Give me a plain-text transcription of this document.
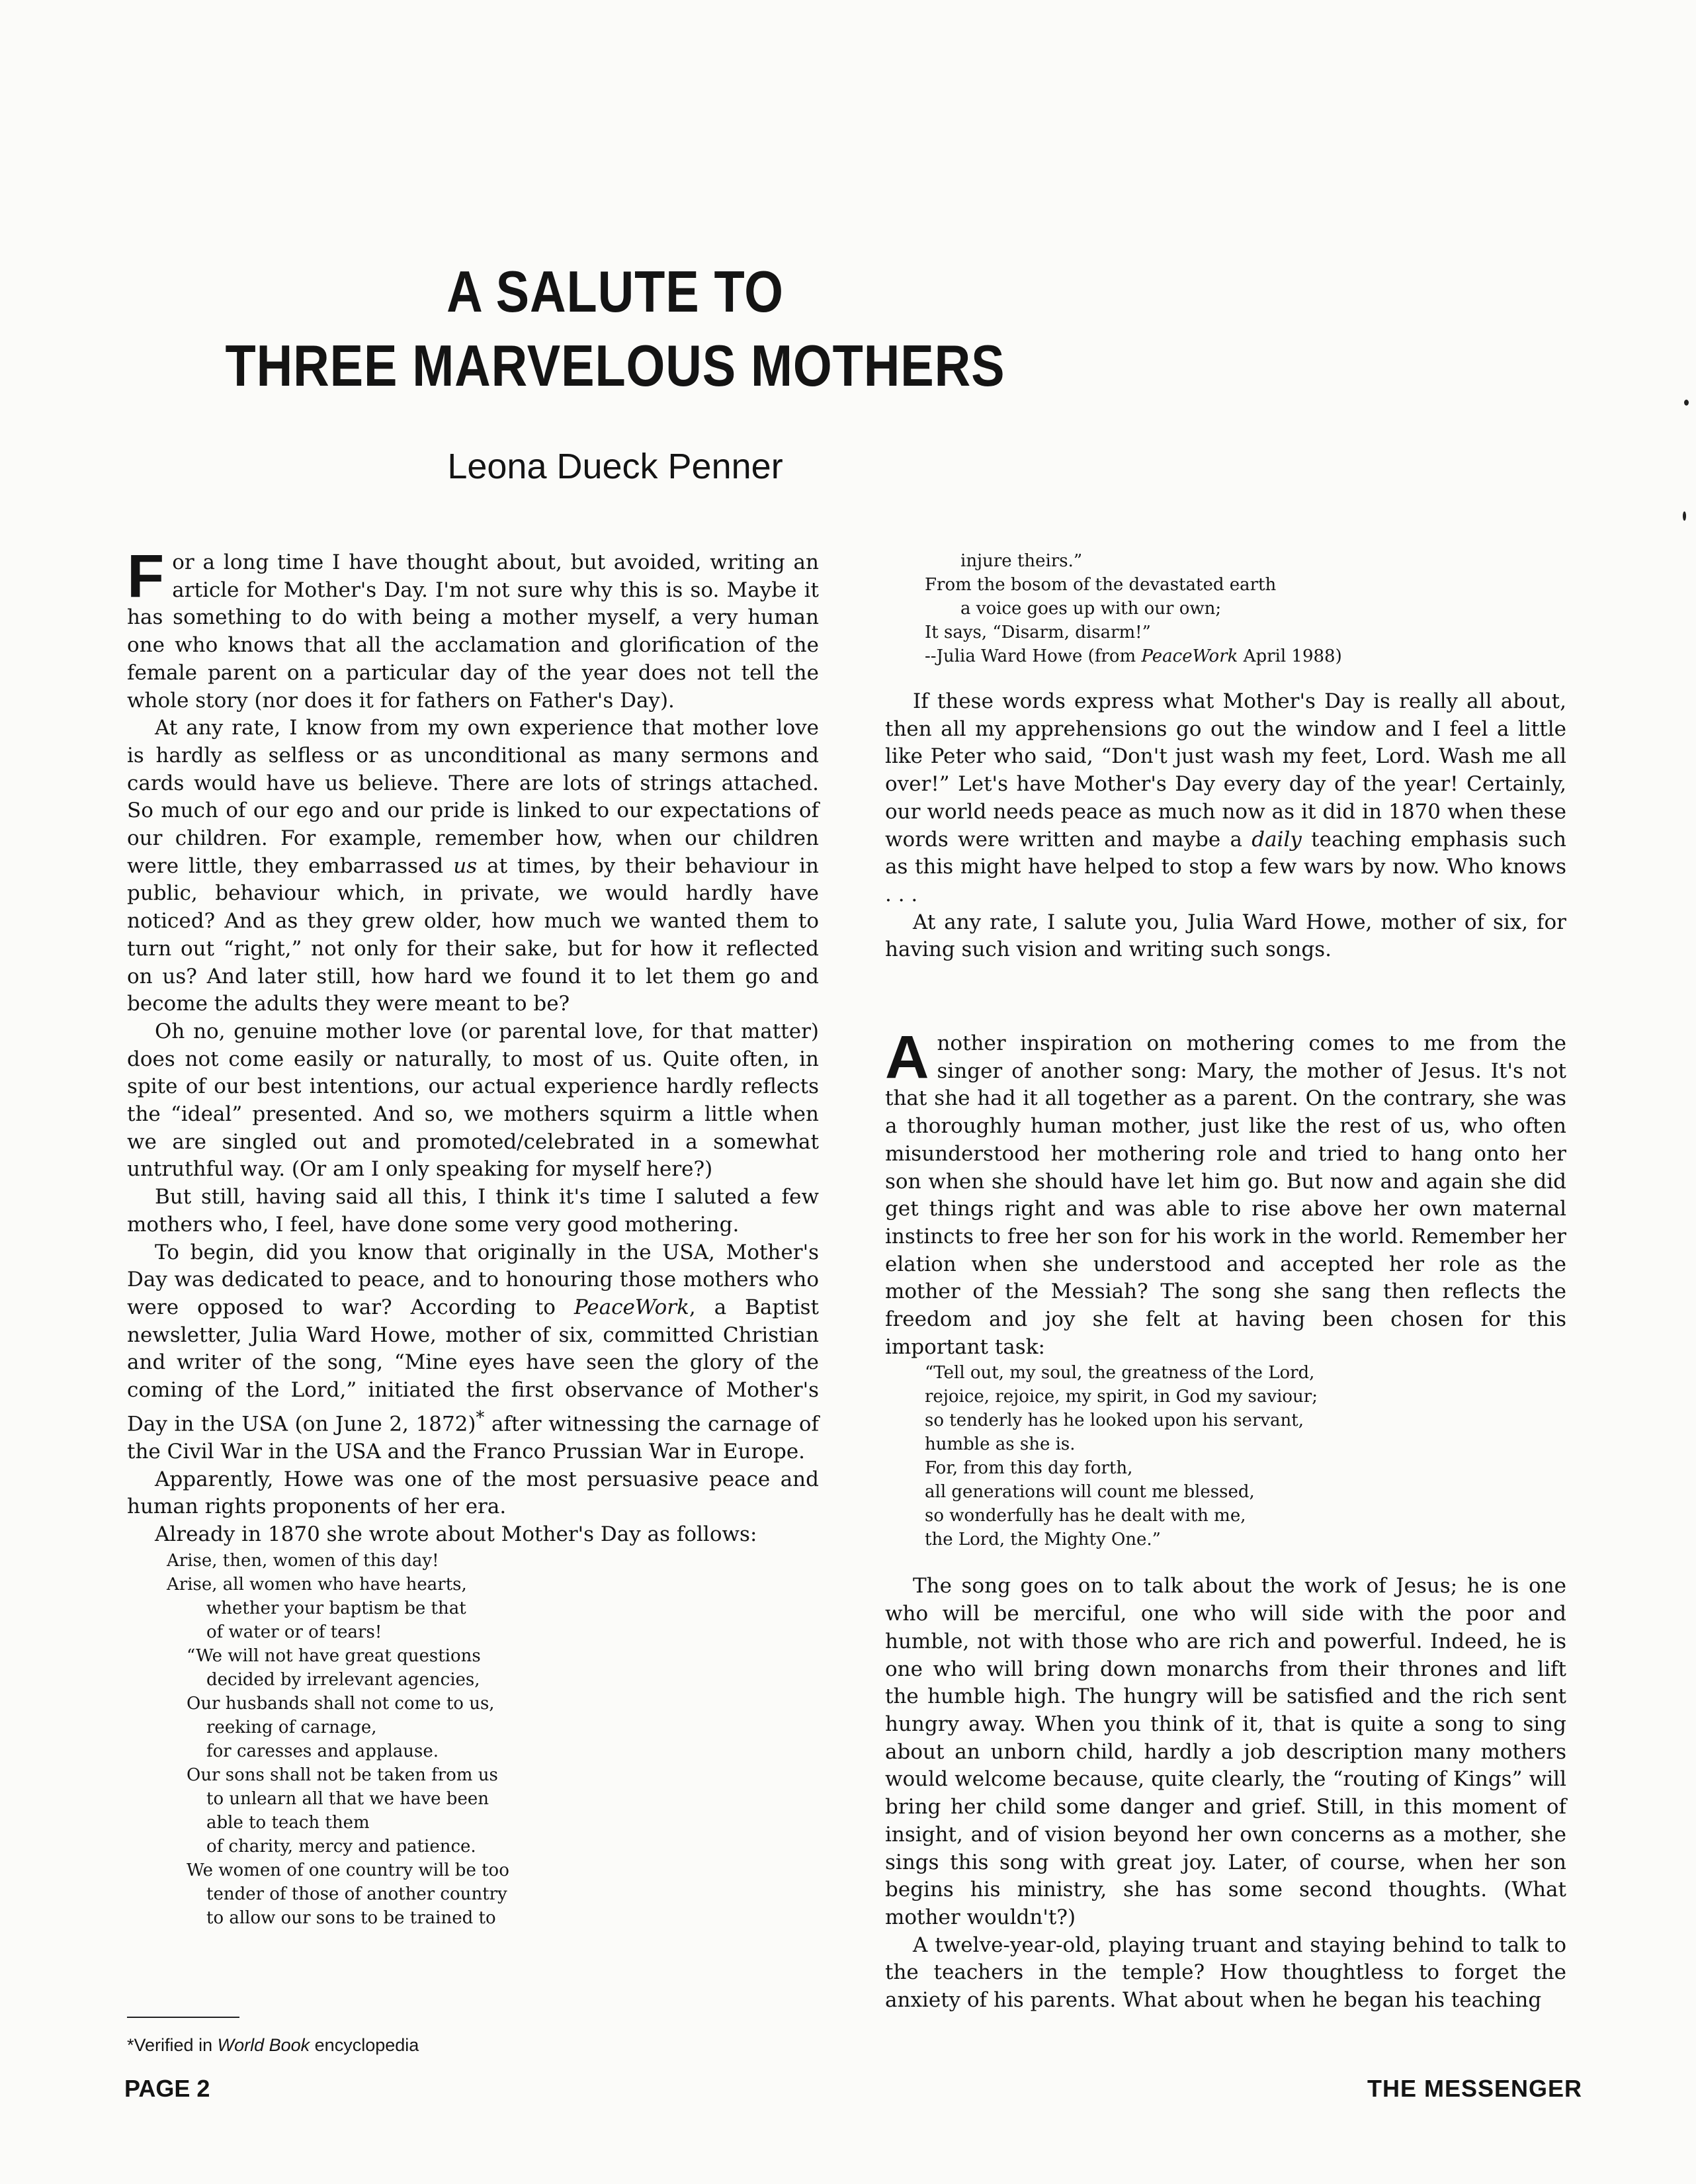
A SALUTE TO
THREE MARVELOUS MOTHERS
Leona Dueck Penner

For a long time I have thought about, but avoided, writing an article for Mother's Day. I'm not sure why this is so. Maybe it has something to do with being a mother myself, a very human one who knows that all the acclamation and glorification of the female parent on a particular day of the year does not tell the whole story (nor does it for fathers on Father's Day).

At any rate, I know from my own experience that mother love is hardly as selfless or as unconditional as many sermons and cards would have us believe. There are lots of strings attached. So much of our ego and our pride is linked to our expectations of our children. For example, remember how, when our children were little, they embarrassed us at times, by their behaviour in public, behaviour which, in private, we would hardly have noticed? And as they grew older, how much we wanted them to turn out “right,” not only for their sake, but for how it reflected on us? And later still, how hard we found it to let them go and become the adults they were meant to be?

Oh no, genuine mother love (or parental love, for that matter) does not come easily or naturally, to most of us. Quite often, in spite of our best intentions, our actual experience hardly reflects the “ideal” presented. And so, we mothers squirm a little when we are singled out and promoted/celebrated in a somewhat untruthful way. (Or am I only speaking for myself here?)

But still, having said all this, I think it's time I saluted a few mothers who, I feel, have done some very good mothering.

To begin, did you know that originally in the USA, Mother's Day was dedicated to peace, and to honouring those mothers who were opposed to war? According to PeaceWork, a Baptist newsletter, Julia Ward Howe, mother of six, committed Christian and writer of the song, “Mine eyes have seen the glory of the coming of the Lord,” initiated the first observance of Mother's Day in the USA (on June 2, 1872)* after witnessing the carnage of the Civil War in the USA and the Franco Prussian War in Europe.

Apparently, Howe was one of the most persuasive peace and human rights proponents of her era.

Already in 1870 she wrote about Mother's Day as follows:

Arise, then, women of this day!
Arise, all women who have hearts,
whether your baptism be that
of water or of tears!
“We will not have great questions
decided by irrelevant agencies,
Our husbands shall not come to us,
reeking of carnage,
for caresses and applause.
Our sons shall not be taken from us
to unlearn all that we have been
able to teach them
of charity, mercy and patience.
We women of one country will be too
tender of those of another country
to allow our sons to be trained to
injure theirs.”
From the bosom of the devastated earth
a voice goes up with our own;
It says, “Disarm, disarm!”
--Julia Ward Howe (from PeaceWork April 1988)

If these words express what Mother's Day is really all about, then all my apprehensions go out the window and I feel a little like Peter who said, “Don't just wash my feet, Lord. Wash me all over!” Let's have Mother's Day every day of the year! Certainly, our world needs peace as much now as it did in 1870 when these words were written and maybe a daily teaching emphasis such as this might have helped to stop a few wars by now. Who knows . . .

At any rate, I salute you, Julia Ward Howe, mother of six, for having such vision and writing such songs.

Another inspiration on mothering comes to me from the singer of another song: Mary, the mother of Jesus. It's not that she had it all together as a parent. On the contrary, she was a thoroughly human mother, just like the rest of us, who often misunderstood her mothering role and tried to hang onto her son when she should have let him go. But now and again she did get things right and was able to rise above her own maternal instincts to free her son for his work in the world. Remember her elation when she understood and accepted her role as the mother of the Messiah? The song she sang then reflects the freedom and joy she felt at having been chosen for this important task:

“Tell out, my soul, the greatness of the Lord,
rejoice, rejoice, my spirit, in God my saviour;
so tenderly has he looked upon his servant,
humble as she is.
For, from this day forth,
all generations will count me blessed,
so wonderfully has he dealt with me,
the Lord, the Mighty One.”

The song goes on to talk about the work of Jesus; he is one who will be merciful, one who will side with the poor and humble, not with those who are rich and powerful. Indeed, he is one who will bring down monarchs from their thrones and lift the humble high. The hungry will be satisfied and the rich sent hungry away. When you think of it, that is quite a song to sing about an unborn child, hardly a job description many mothers would welcome because, quite clearly, the “routing of Kings” will bring her child some danger and grief. Still, in this moment of insight, and of vision beyond her own concerns as a mother, she sings this song with great joy. Later, of course, when her son begins his ministry, she has some second thoughts. (What mother wouldn't?)

A twelve-year-old, playing truant and staying behind to talk to the teachers in the temple? How thoughtless to forget the anxiety of his parents. What about when he began his teaching

*Verified in World Book encyclopedia
PAGE 2	THE MESSENGER
